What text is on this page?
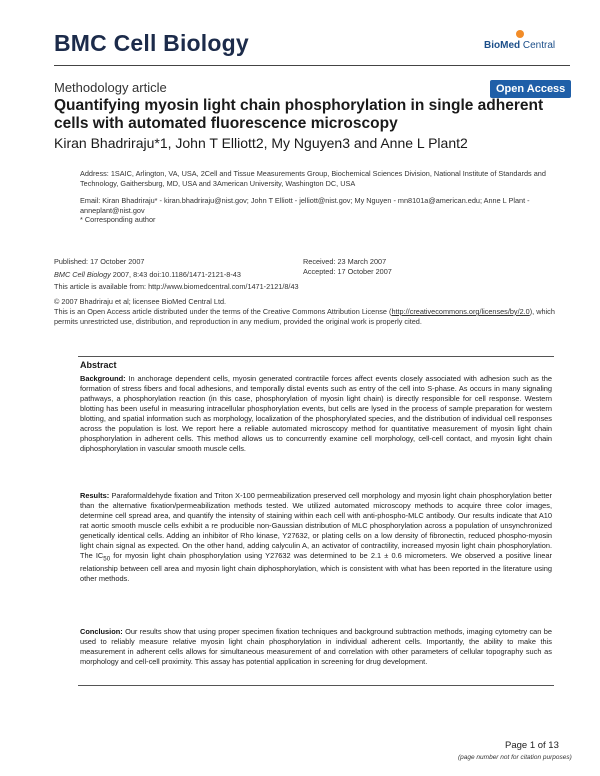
BMC Cell Biology	BioMed Central
Methodology article	Open Access
Quantifying myosin light chain phosphorylation in single adherent cells with automated fluorescence microscopy
Kiran Bhadriraju*1, John T Elliott2, My Nguyen3 and Anne L Plant2
Address: 1SAIC, Arlington, VA, USA, 2Cell and Tissue Measurements Group, Biochemical Sciences Division, National Institute of Standards and Technology, Gaithersburg, MD, USA and 3American University, Washington DC, USA
Email: Kiran Bhadriraju* - kiran.bhadriraju@nist.gov; John T Elliott - jelliott@nist.gov; My Nguyen - mn8101a@american.edu; Anne L Plant - anneplant@nist.gov
* Corresponding author
Published: 17 October 2007
BMC Cell Biology 2007, 8:43 doi:10.1186/1471-2121-8-43
This article is available from: http://www.biomedcentral.com/1471-2121/8/43
Received: 23 March 2007
Accepted: 17 October 2007
© 2007 Bhadriraju et al; licensee BioMed Central Ltd.
This is an Open Access article distributed under the terms of the Creative Commons Attribution License (http://creativecommons.org/licenses/by/2.0), which permits unrestricted use, distribution, and reproduction in any medium, provided the original work is properly cited.
Abstract
Background: In anchorage dependent cells, myosin generated contractile forces affect events closely associated with adhesion such as the formation of stress fibers and focal adhesions, and temporally distal events such as entry of the cell into S-phase. As occurs in many signaling pathways, a phosphorylation reaction (in this case, phosphorylation of myosin light chain) is directly responsible for cell response. Western blotting has been useful in measuring intracellular phosphorylation events, but cells are lysed in the process of sample preparation for western blotting, and spatial information such as morphology, localization of the phosphorylated species, and the distribution of individual cell responses across the population is lost. We report here a reliable automated microscopy method for quantitative measurement of myosin light chain phosphorylation in adherent cells. This method allows us to concurrently examine cell morphology, cell-cell contact, and myosin light chain diphosphorylation in vascular smooth muscle cells.
Results: Paraformaldehyde fixation and Triton X-100 permeabilization preserved cell morphology and myosin light chain phosphorylation better than the alternative fixation/permeabilization methods tested. We utilized automated microscopy methods to acquire three color images, determine cell spread area, and quantify the intensity of staining within each cell with anti-phospho-MLC antibody. Our results indicate that A10 rat aortic smooth muscle cells exhibit a re producible non-Gaussian distribution of MLC phosphorylation across a population of unsynchronized genetically identical cells. Adding an inhibitor of Rho kinase, Y27632, or plating cells on a low density of fibronectin, reduced phospho-myosin light chain signal as expected. On the other hand, adding calyculin A, an activator of contractility, increased myosin light chain phosphorylation. The $IC_{50}$ for myosin light chain phosphorylation using Y27632 was determined to be 2.1 ± 0.6 micrometers. We observed a positive linear relationship between cell area and myosin light chain diphosphorylation, which is consistent with what has been reported in the literature using other methods.
Conclusion: Our results show that using proper specimen fixation techniques and background subtraction methods, imaging cytometry can be used to reliably measure relative myosin light chain phosphorylation in individual adherent cells. Importantly, the ability to make this measurement in adherent cells allows for simultaneous measurement of and correlation with other parameters of cellular topography such as morphology and cell-cell proximity. This assay has potential application in screening for drug development.
Page 1 of 13
(page number not for citation purposes)
